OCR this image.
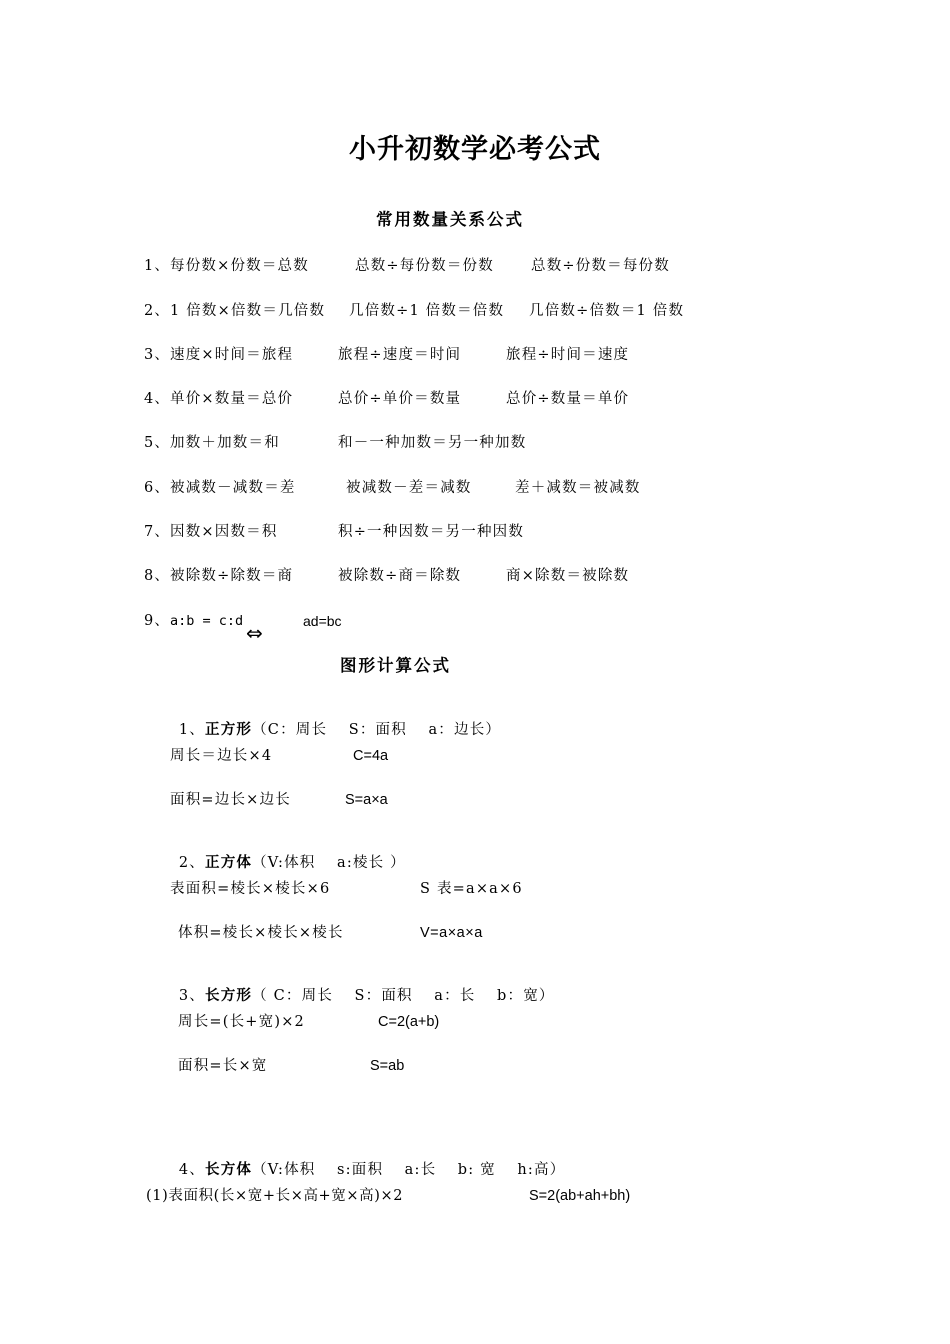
小升初数学必考公式
常用数量关系公式
1、 每份数×份数＝总数	总数÷每份数＝份数	总数÷份数＝每份数
2、 1 倍数×倍数＝几倍数 几倍数÷1 倍数＝倍数 几倍数÷倍数＝1 倍数
3、 速度×时间＝旅程	旅程÷速度＝时间	旅程÷时间＝速度
4、 单价×数量＝总价	总价÷单价＝数量	总价÷数量＝单价
5、 加数＋加数＝和	和－一种加数＝另一种加数
6、 被减数－减数＝差	被减数－差＝减数	差＋减数＝被减数
7、 因数×因数＝积	积÷一种因数＝另一种因数
8、 被除数÷除数＝商	被除数÷商＝除数	商×除数＝被除数
9、 a:b = c:d ⇔	ad=bc
图形计算公式

1、正方形（C：周长　 S：面积　 a：边长）

周长＝边长×4	C=4a
面积=边长×边长	S=a×a

2、正方体（V:体积　 a:棱长 ）

表面积=棱长×棱长×6	S 表=a×a×6
体积=棱长×棱长×棱长	V=a×a×a

3、长方形（ C：周长　 S：面积　 a：长　 b：宽）

周长=(长+宽)×2	C=2(a+b)
面积=长×宽	S=ab

4、长方体（V:体积　 s:面积　 a:长　 b: 宽　 h:高）

(1)表面积(长×宽+长×高+宽×高)×2	S=2(ab+ah+bh)
